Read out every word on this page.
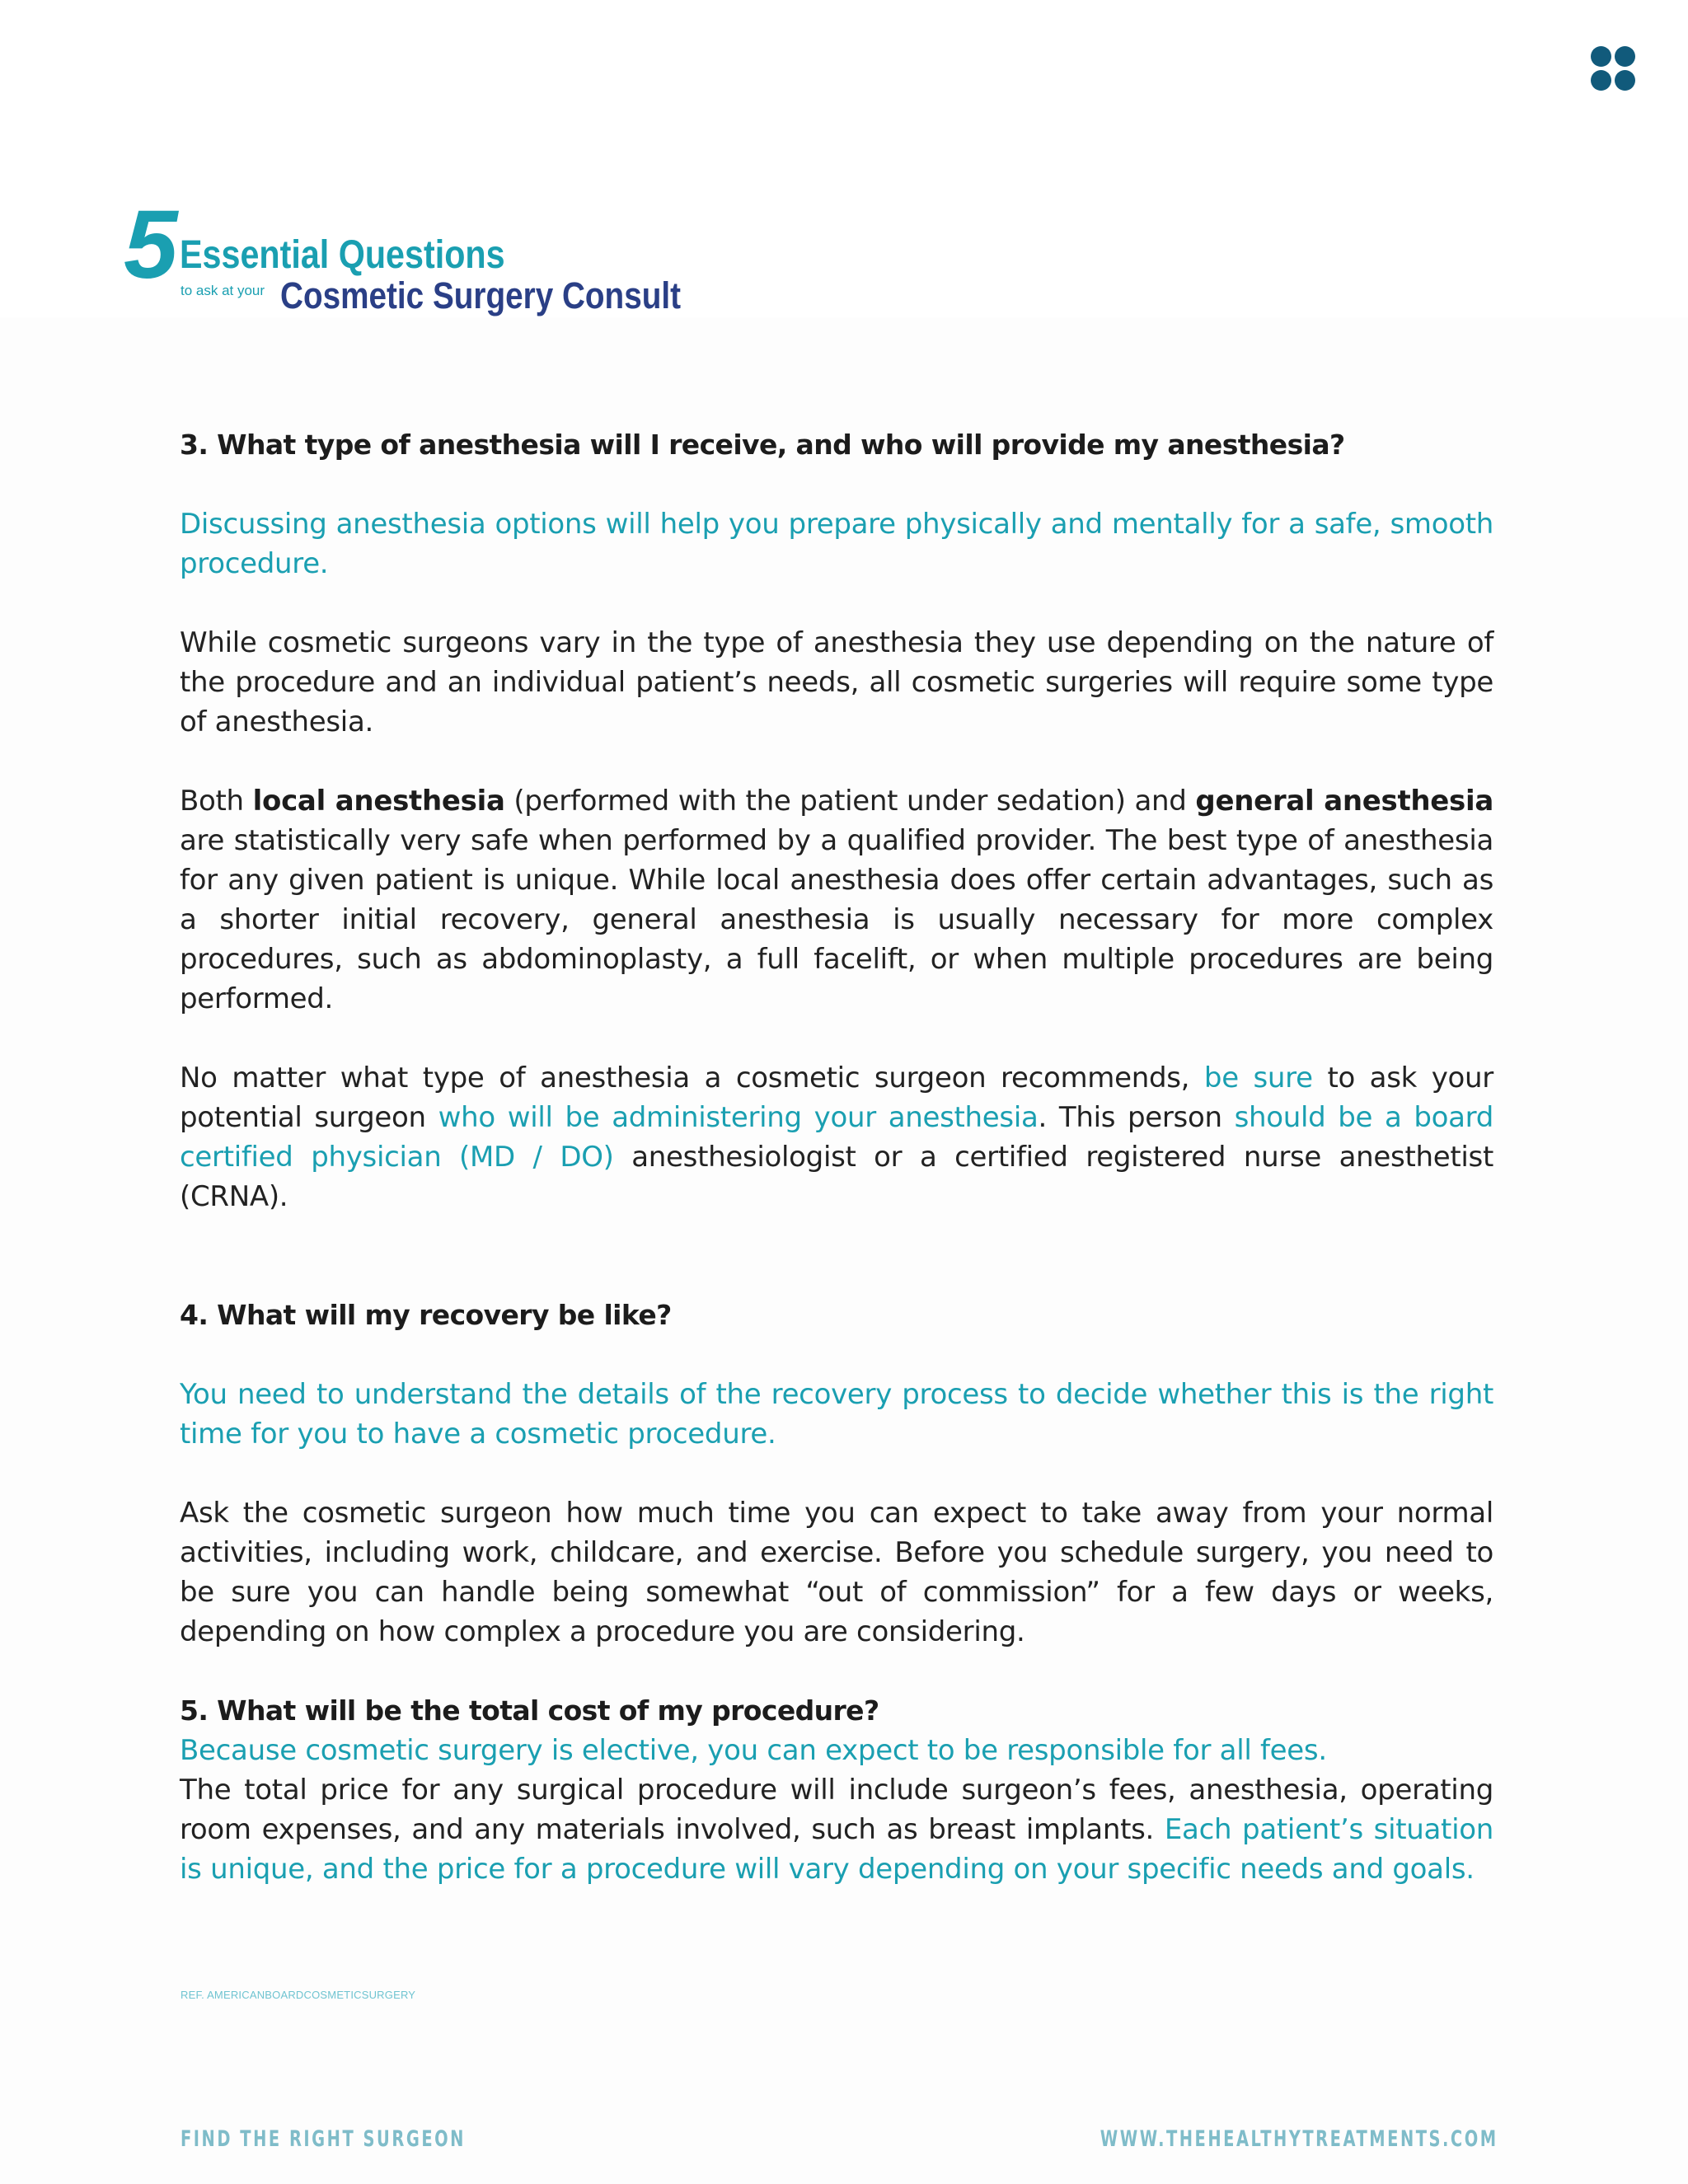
5 Essential Questions
to ask at your Cosmetic Surgery Consult

3. What type of anesthesia will I receive, and who will provide my anesthesia?

Discussing anesthesia options will help you prepare physically and mentally for a safe, smooth procedure.

While cosmetic surgeons vary in the type of anesthesia they use depending on the nature of the procedure and an individual patient’s needs, all cosmetic surgeries will require some type of anesthesia.

Both local anesthesia (performed with the patient under sedation) and general anesthesia are statistically very safe when performed by a qualified provider. The best type of anesthesia for any given patient is unique. While local anesthesia does offer certain advantages, such as a shorter initial recovery, general anesthesia is usually necessary for more complex procedures, such as abdominoplasty, a full facelift, or when multiple procedures are being performed.

No matter what type of anesthesia a cosmetic surgeon recommends, be sure to ask your potential surgeon who will be administering your anesthesia. This person should be a board certified physician (MD / DO) anesthesiologist or a certified registered nurse anesthetist (CRNA).

4. What will my recovery be like?

You need to understand the details of the recovery process to decide whether this is the right time for you to have a cosmetic procedure.

Ask the cosmetic surgeon how much time you can expect to take away from your normal activities, including work, childcare, and exercise. Before you schedule surgery, you need to be sure you can handle being somewhat “out of commission” for a few days or weeks, depending on how complex a procedure you are considering.

5. What will be the total cost of my procedure?

Because cosmetic surgery is elective, you can expect to be responsible for all fees.

The total price for any surgical procedure will include surgeon’s fees, anesthesia, operating room expenses, and any materials involved, such as breast implants. Each patient’s situation is unique, and the price for a procedure will vary depending on your specific needs and goals.

REF. AMERICANBOARDCOSMETICSURGERY
FIND THE RIGHT SURGEON	WWW.THEHEALTHYTREATMENTS.COM
